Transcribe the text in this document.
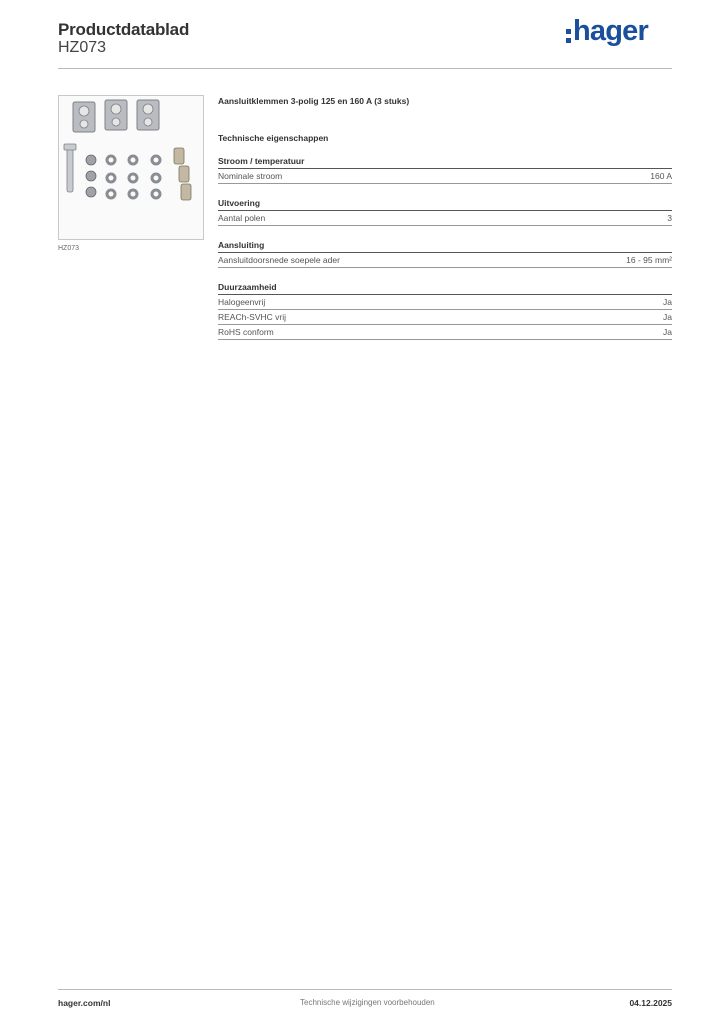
Productdatablad
HZ073
hager
HZ073
Aansluitklemmen 3-polig 125 en 160 A (3 stuks)
Technische eigenschappen
Stroom / temperatuur
Nominale stroom	160 A
Uitvoering
Aantal polen	3
Aansluiting
Aansluitdoorsnede soepele ader	16 - 95 mm²
Duurzaamheid
Halogeenvrij	Ja
REACh-SVHC vrij	Ja
RoHS conform	Ja
hager.com/nl	Technische wijzigingen voorbehouden	04.12.2025
